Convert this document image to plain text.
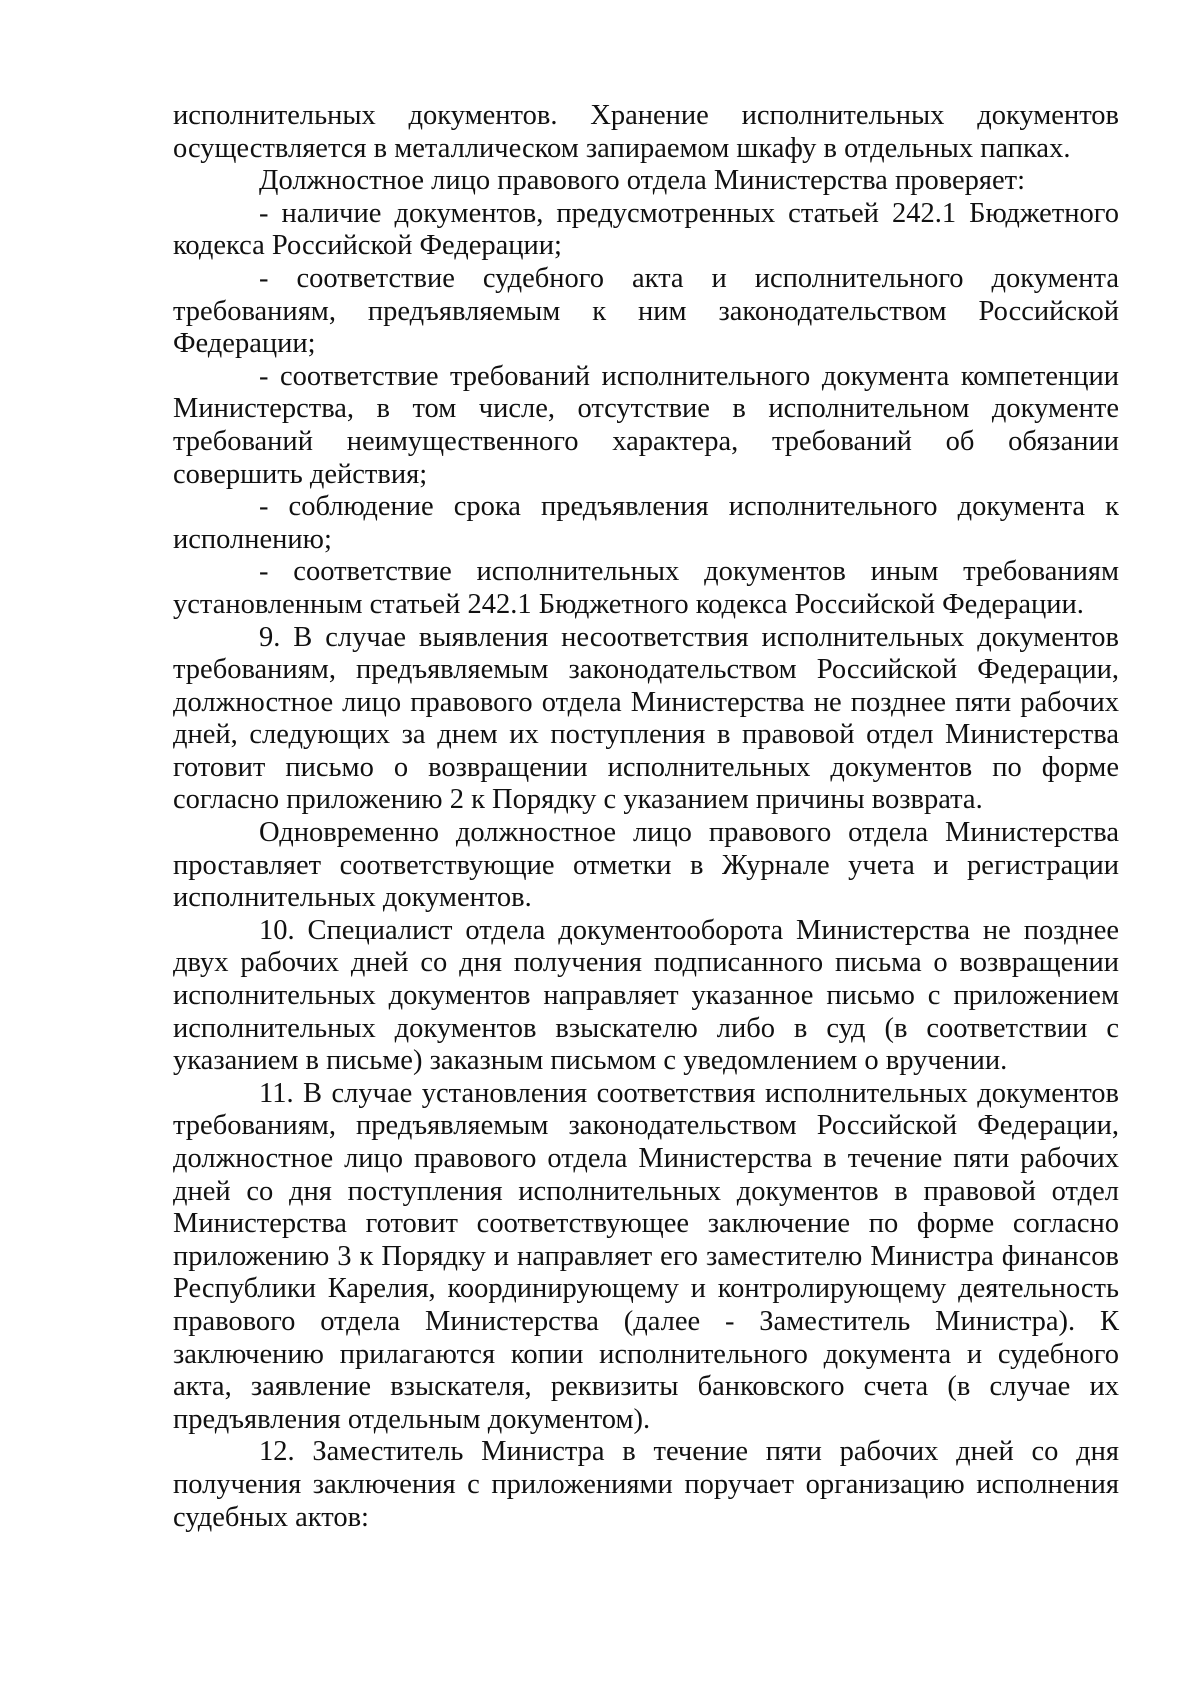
исполнительных документов. Хранение исполнительных документов осуществляется в металлическом запираемом шкафу в отдельных папках.

Должностное лицо правового отдела Министерства проверяет:

- наличие документов, предусмотренных статьей 242.1 Бюджетного кодекса Российской Федерации;

- соответствие судебного акта и исполнительного документа требованиям, предъявляемым к ним законодательством Российской Федерации;

- соответствие требований исполнительного документа компетенции Министерства, в том числе, отсутствие в исполнительном документе требований неимущественного характера, требований об обязании совершить действия;

- соблюдение срока предъявления исполнительного документа к исполнению;

- соответствие исполнительных документов иным требованиям установленным статьей 242.1 Бюджетного кодекса Российской Федерации.

9. В случае выявления несоответствия исполнительных документов требованиям, предъявляемым законодательством Российской Федерации, должностное лицо правового отдела Министерства не позднее пяти рабочих дней, следующих за днем их поступления в правовой отдел Министерства готовит письмо о возвращении исполнительных документов по форме согласно приложению 2 к Порядку с указанием причины возврата.

Одновременно должностное лицо правового отдела Министерства проставляет соответствующие отметки в Журнале учета и регистрации исполнительных документов.

10. Специалист отдела документооборота Министерства не позднее двух рабочих дней со дня получения подписанного письма о возвращении исполнительных документов направляет указанное письмо с приложением исполнительных документов взыскателю либо в суд (в соответствии с указанием в письме) заказным письмом с уведомлением о вручении.

11. В случае установления соответствия исполнительных документов требованиям, предъявляемым законодательством Российской Федерации, должностное лицо правового отдела Министерства в течение пяти рабочих дней со дня поступления исполнительных документов в правовой отдел Министерства готовит соответствующее заключение по форме согласно приложению 3 к Порядку и направляет его заместителю Министра финансов Республики Карелия, координирующему и контролирующему деятельность правового отдела Министерства (далее - Заместитель Министра). К заключению прилагаются копии исполнительного документа и судебного акта, заявление взыскателя, реквизиты банковского счета (в случае их предъявления отдельным документом).

12. Заместитель Министра в течение пяти рабочих дней со дня получения заключения с приложениями поручает организацию исполнения судебных актов:
